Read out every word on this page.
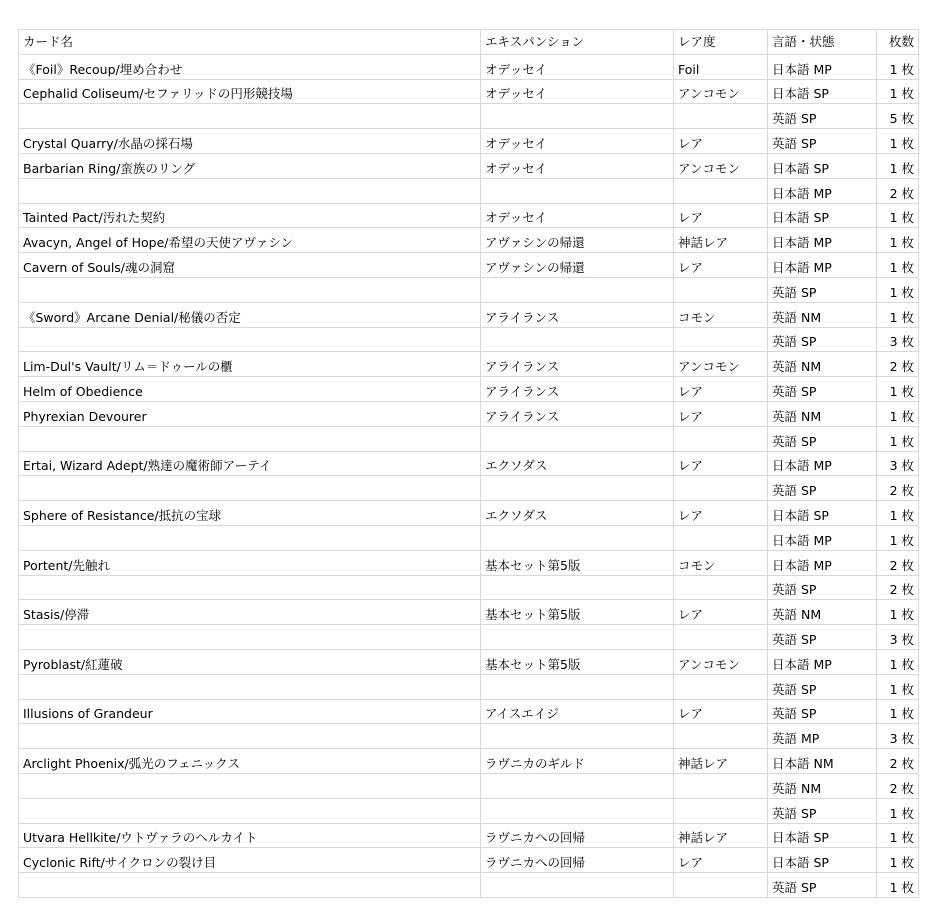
カード名	エキスパンション	レア度	言語・状態	枚数
《Foil》Recoup/埋め合わせ	オデッセイ	Foil	日本語 MP	1 枚
Cephalid Coliseum/セファリッドの円形競技場	オデッセイ	アンコモン	日本語 SP	1 枚
			英語 SP	5 枚
Crystal Quarry/水晶の採石場	オデッセイ	レア	英語 SP	1 枚
Barbarian Ring/蛮族のリング	オデッセイ	アンコモン	日本語 SP	1 枚
			日本語 MP	2 枚
Tainted Pact/汚れた契約	オデッセイ	レア	日本語 SP	1 枚
Avacyn, Angel of Hope/希望の天使アヴァシン	アヴァシンの帰還	神話レア	日本語 MP	1 枚
Cavern of Souls/魂の洞窟	アヴァシンの帰還	レア	日本語 MP	1 枚
			英語 SP	1 枚
《Sword》Arcane Denial/秘儀の否定	アライランス	コモン	英語 NM	1 枚
			英語 SP	3 枚
Lim-Dul's Vault/リム＝ドゥールの櫃	アライランス	アンコモン	英語 NM	2 枚
Helm of Obedience	アライランス	レア	英語 SP	1 枚
Phyrexian Devourer	アライランス	レア	英語 NM	1 枚
			英語 SP	1 枚
Ertai, Wizard Adept/熟達の魔術師アーテイ	エクソダス	レア	日本語 MP	3 枚
			英語 SP	2 枚
Sphere of Resistance/抵抗の宝球	エクソダス	レア	日本語 SP	1 枚
			日本語 MP	1 枚
Portent/先触れ	基本セット第5版	コモン	日本語 MP	2 枚
			英語 SP	2 枚
Stasis/停滞	基本セット第5版	レア	英語 NM	1 枚
			英語 SP	3 枚
Pyroblast/紅蓮破	基本セット第5版	アンコモン	日本語 MP	1 枚
			英語 SP	1 枚
Illusions of Grandeur	アイスエイジ	レア	英語 SP	1 枚
			英語 MP	3 枚
Arclight Phoenix/弧光のフェニックス	ラヴニカのギルド	神話レア	日本語 NM	2 枚
			英語 NM	2 枚
			英語 SP	1 枚
Utvara Hellkite/ウトヴァラのヘルカイト	ラヴニカへの回帰	神話レア	日本語 SP	1 枚
Cyclonic Rift/サイクロンの裂け目	ラヴニカへの回帰	レア	日本語 SP	1 枚
			英語 SP	1 枚
